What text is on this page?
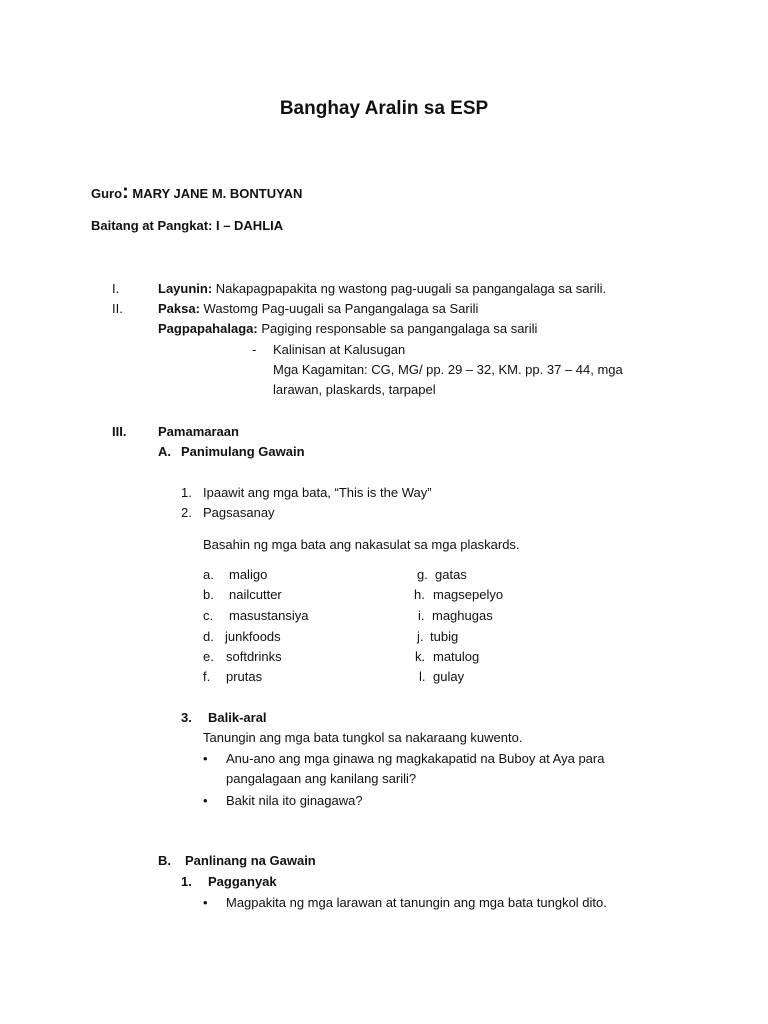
Banghay Aralin sa ESP
Guro: MARY JANE M. BONTUYAN
Baitang at Pangkat: I – DAHLIA
I.	Layunin: Nakapagpapakita ng wastong pag-uugali sa pangangalaga sa sarili.
II.	Paksa: Wastomg Pag-uugali sa Pangangalaga sa Sarili
Pagpapahalaga: Pagiging responsable sa pangangalaga sa sarili
- Kalinisan at Kalusugan
Mga Kagamitan: CG, MG/ pp. 29 – 32, KM. pp. 37 – 44, mga
larawan, plaskards, tarpapel
III. Pamamaraan
A. Panimulang Gawain
1. Ipaawit ang mga bata, “This is the Way”
2. Pagsasanay
Basahin ng mga bata ang nakasulat sa mga plaskards.
a. maligo
b. nailcutter
c. masustansiya
d. junkfoods
e. softdrinks
f. prutas
g. gatas
h. magsepelyo
i. maghugas
j. tubig
k. matulog
l. gulay
3. Balik-aral
Tanungin ang mga bata tungkol sa nakaraang kuwento.
• Anu-ano ang mga ginawa ng magkakapatid na Buboy at Aya para
pangalagaan ang kanilang sarili?
• Bakit nila ito ginagawa?
B. Panlinang na Gawain
1. Pagganyak
• Magpakita ng mga larawan at tanungin ang mga bata tungkol dito.
